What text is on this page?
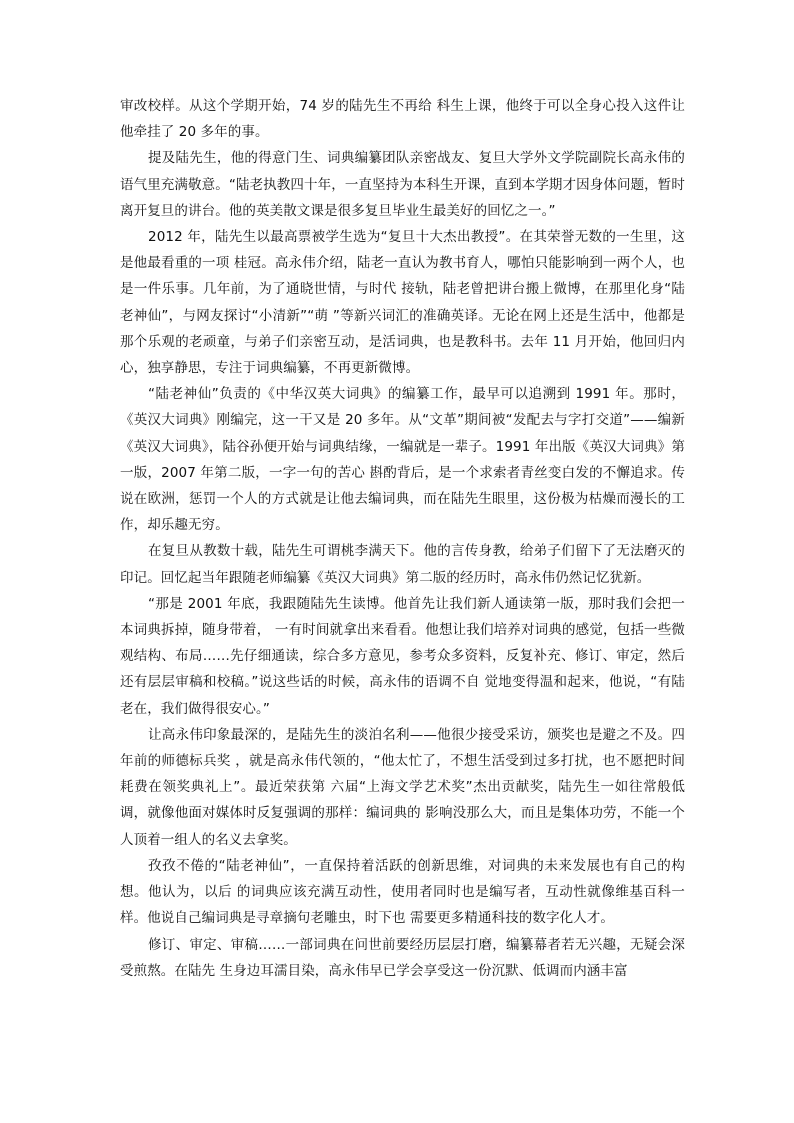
审改校样。从这个学期开始，74 岁的陆先生不再给 科生上课，他终于可以全身心投入这件让他牵挂了 20 多年的事。

提及陆先生，他的得意门生、词典编纂团队亲密战友、复旦大学外文学院副院长高永伟的语气里充满敬意。“陆老执教四十年，一直坚持为本科生开课，直到本学期才因身体问题，暂时离开复旦的讲台。他的英美散文课是很多复旦毕业生最美好的回忆之一。”

2012 年，陆先生以最高票被学生选为“复旦十大杰出教授”。在其荣誉无数的一生里，这是他最看重的一项 桂冠。高永伟介绍，陆老一直认为教书育人，哪怕只能影响到一两个人，也是一件乐事。几年前，为了通晓世情，与时代 接轨，陆老曾把讲台搬上微博，在那里化身“陆老神仙”，与网友探讨“小清新”“萌 ”等新兴词汇的准确英译。无论在网上还是生活中，他都是那个乐观的老顽童，与弟子们亲密互动，是活词典，也是教科书。去年 11 月开始，他回归内心，独享静思，专注于词典编纂，不再更新微博。

“陆老神仙”负责的《中华汉英大词典》的编纂工作，最早可以追溯到 1991 年。那时，《英汉大词典》刚编完，这一干又是 20 多年。从“文革”期间被“发配去与字打交道”——编新《英汉大词典》，陆谷孙便开始与词典结缘，一编就是一辈子。1991 年出版《英汉大词典》第一版，2007 年第二版，一字一句的苦心 斟酌背后，是一个求索者青丝变白发的不懈追求。传说在欧洲，惩罚一个人的方式就是让他去编词典，而在陆先生眼里，这份极为枯燥而漫长的工作，却乐趣无穷。

在复旦从教数十载，陆先生可谓桃李满天下。他的言传身教，给弟子们留下了无法磨灭的印记。回忆起当年跟随老师编纂《英汉大词典》第二版的经历时，高永伟仍然记忆犹新。

“那是 2001 年底，我跟随陆先生读博。他首先让我们新人通读第一版，那时我们会把一本词典拆掉，随身带着， 一有时间就拿出来看看。他想让我们培养对词典的感觉，包括一些微观结构、布局……先仔细通读，综合多方意见，参考众多资料，反复补充、修订、审定，然后还有层层审稿和校稿。”说这些话的时候，高永伟的语调不自 觉地变得温和起来，他说，“有陆老在，我们做得很安心。”

让高永伟印象最深的，是陆先生的淡泊名利——他很少接受采访，颁奖也是避之不及。四年前的师德标兵奖 ，就是高永伟代领的，“他太忙了，不想生活受到过多打扰，也不愿把时间耗费在领奖典礼上”。最近荣获第 六届“上海文学艺术奖”杰出贡献奖，陆先生一如往常般低调，就像他面对媒体时反复强调的那样：编词典的 影响没那么大，而且是集体功劳，不能一个人顶着一组人的名义去拿奖。

孜孜不倦的“陆老神仙”，一直保持着活跃的创新思维，对词典的未来发展也有自己的构想。他认为，以后 的词典应该充满互动性，使用者同时也是编写者，互动性就像维基百科一样。他说自己编词典是寻章摘句老雕虫，时下也 需要更多精通科技的数字化人才。

修订、审定、审稿……一部词典在问世前要经历层层打磨，编纂幕者若无兴趣，无疑会深受煎熬。在陆先 生身边耳濡目染，高永伟早已学会享受这一份沉默、低调而内涵丰富
